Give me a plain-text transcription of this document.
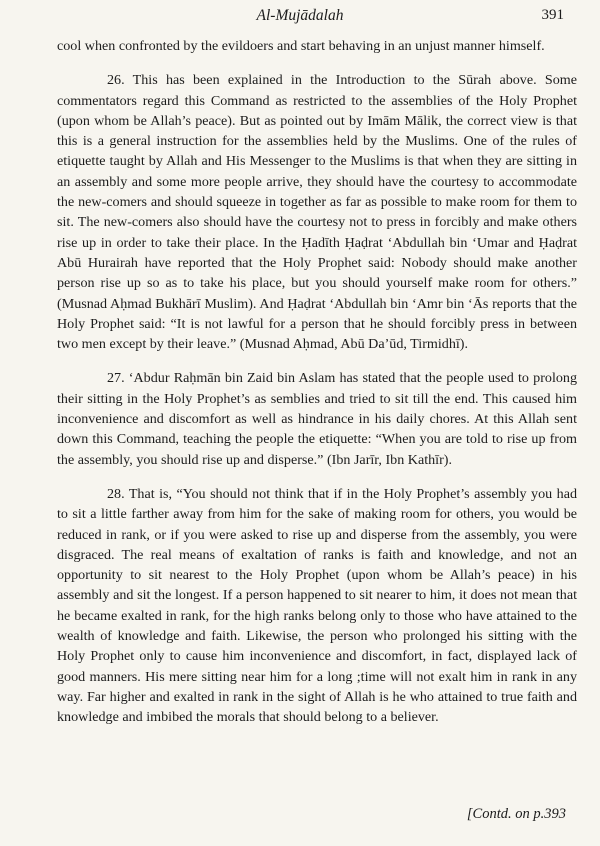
Al-Mujādalah	391

cool when confronted by the evildoers and start behaving in an unjust manner himself.

26. This has been explained in the Introduction to the Sūrah above. Some commentators regard this Command as restricted to the assemblies of the Holy Prophet (upon whom be Allah’s peace). But as pointed out by Imām Mālik, the correct view is that this is a general instruction for the assemblies held by the Muslims. One of the rules of etiquette taught by Allah and His Messenger to the Muslims is that when they are sitting in an assembly and some more people arrive, they should have the courtesy to accommodate the new-comers and should squeeze in together as far as possible to make room for them to sit. The new-comers also should have the courtesy not to press in forcibly and make others rise up in order to take their place. In the Ḥadīth Ḥaḍrat ‘Abdullah bin ‘Umar and Ḥaḍrat Abū Hurairah have reported that the Holy Prophet said: Nobody should make another person rise up so as to take his place, but you should yourself make room for others.” (Musnad Aḥmad Bukhārī Muslim). And Ḥaḍrat ‘Abdullah bin ‘Amr bin ‘Ās reports that the Holy Prophet said: “It is not lawful for a person that he should forcibly press in between two men except by their leave.” (Musnad Aḥmad, Abū Da’ūd, Tirmidhī).

27. ‘Abdur Raḥmān bin Zaid bin Aslam has stated that the people used to prolong their sitting in the Holy Prophet’s as semblies and tried to sit till the end. This caused him inconvenience and discomfort as well as hindrance in his daily chores. At this Allah sent down this Command, teaching the people the etiquette: “When you are told to rise up from the assembly, you should rise up and disperse.” (Ibn Jarīr, Ibn Kathīr).

28. That is, “You should not think that if in the Holy Prophet’s assembly you had to sit a little farther away from him for the sake of making room for others, you would be reduced in rank, or if you were asked to rise up and disperse from the assembly, you were disgraced. The real means of exaltation of ranks is faith and knowledge, and not an opportunity to sit nearest to the Holy Prophet (upon whom be Allah’s peace) in his assembly and sit the longest. If a person happened to sit nearer to him, it does not mean that he became exalted in rank, for the high ranks belong only to those who have attained to the wealth of knowledge and faith. Likewise, the person who prolonged his sitting with the Holy Prophet only to cause him inconvenience and discomfort, in fact, displayed lack of good manners. His mere sitting near him for a long ;time will not exalt him in rank in any way. Far higher and exalted in rank in the sight of Allah is he who attained to true faith and knowledge and imbibed the morals that should belong to a believer.

[Contd. on p.393
